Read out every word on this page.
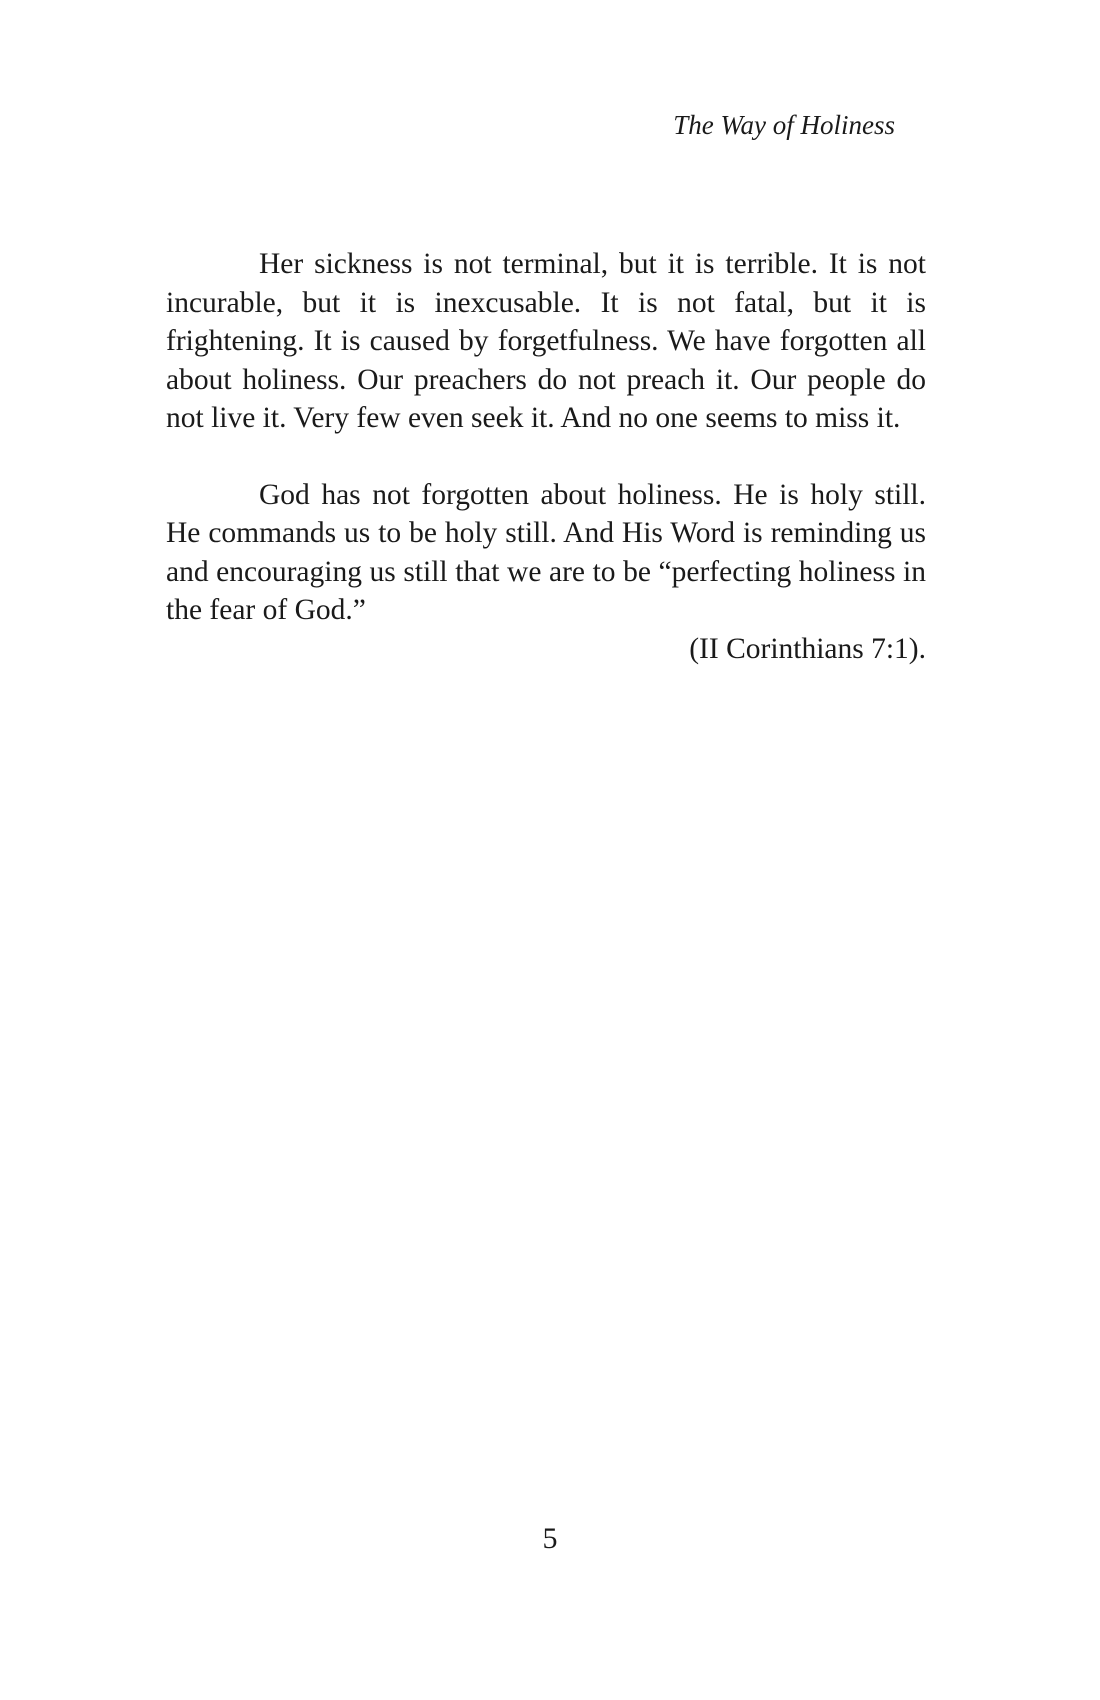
The Way of Holiness

Her sickness is not terminal, but it is terrible. It is not incurable, but it is inexcusable. It is not fatal, but it is frightening. It is caused by forgetfulness. We have forgotten all about holiness. Our preachers do not preach it. Our people do not live it. Very few even seek it. And no one seems to miss it.

God has not forgotten about holiness. He is holy still. He commands us to be holy still. And His Word is reminding us and encouraging us still that we are to be “perfecting holiness in the fear of God.”

(II Corinthians 7:1).

5
